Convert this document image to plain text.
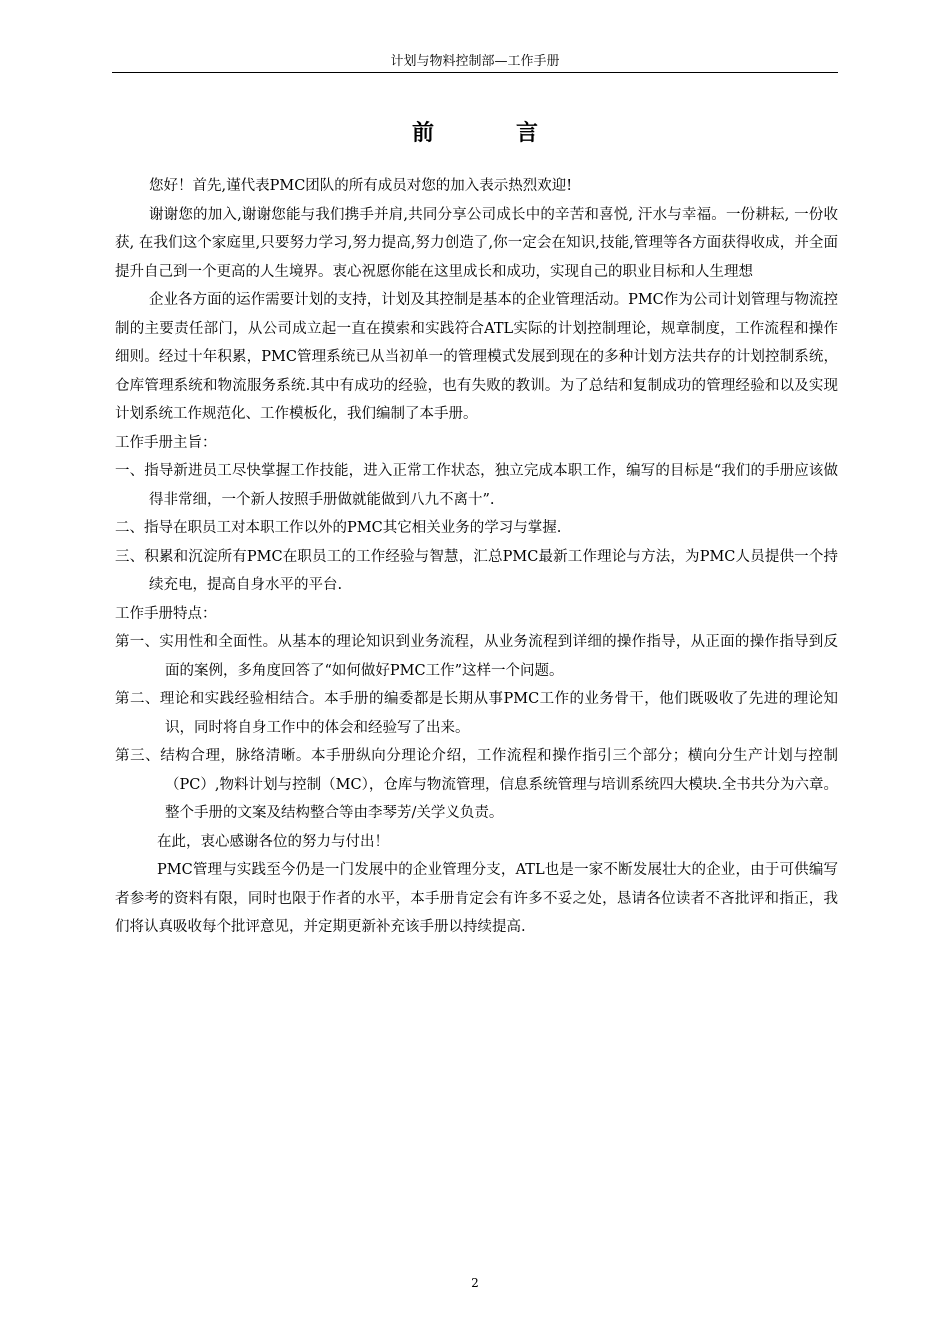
计划与物料控制部—工作手册
前　言

您好！首先,谨代表PMC团队的所有成员对您的加入表示热烈欢迎!

谢谢您的加入,谢谢您能与我们携手并肩,共同分享公司成长中的辛苦和喜悦, 汗水与幸福。一份耕耘, 一份收获, 在我们这个家庭里,只要努力学习,努力提高,努力创造了,你一定会在知识,技能,管理等各方面获得收成，并全面提升自己到一个更高的人生境界。衷心祝愿你能在这里成长和成功，实现自己的职业目标和人生理想

企业各方面的运作需要计划的支持，计划及其控制是基本的企业管理活动。PMC作为公司计划管理与物流控制的主要责任部门，从公司成立起一直在摸索和实践符合ATL实际的计划控制理论，规章制度，工作流程和操作细则。经过十年积累，PMC管理系统已从当初单一的管理模式发展到现在的多种计划方法共存的计划控制系统，仓库管理系统和物流服务系统.其中有成功的经验，也有失败的教训。为了总结和复制成功的管理经验和以及实现计划系统工作规范化、工作模板化，我们编制了本手册。

工作手册主旨：

一、指导新进员工尽快掌握工作技能，进入正常工作状态，独立完成本职工作，编写的目标是“我们的手册应该做得非常细，一个新人按照手册做就能做到八九不离十”.

二、指导在职员工对本职工作以外的PMC其它相关业务的学习与掌握.

三、积累和沉淀所有PMC在职员工的工作经验与智慧，汇总PMC最新工作理论与方法，为PMC人员提供一个持续充电，提高自身水平的平台.

工作手册特点：

第一、实用性和全面性。从基本的理论知识到业务流程，从业务流程到详细的操作指导，从正面的操作指导到反面的案例，多角度回答了“如何做好PMC工作”这样一个问题。

第二、理论和实践经验相结合。本手册的编委都是长期从事PMC工作的业务骨干，他们既吸收了先进的理论知识，同时将自身工作中的体会和经验写了出来。

第三、结构合理，脉络清晰。本手册纵向分理论介绍，工作流程和操作指引三个部分；横向分生产计划与控制（PC）,物料计划与控制（MC），仓库与物流管理，信息系统管理与培训系统四大模块.全书共分为六章。整个手册的文案及结构整合等由李琴芳/关学义负责。

在此，衷心感谢各位的努力与付出！

PMC管理与实践至今仍是一门发展中的企业管理分支，ATL也是一家不断发展壮大的企业，由于可供编写者参考的资料有限，同时也限于作者的水平，本手册肯定会有许多不妥之处，恳请各位读者不吝批评和指正，我们将认真吸收每个批评意见，并定期更新补充该手册以持续提高.

2
